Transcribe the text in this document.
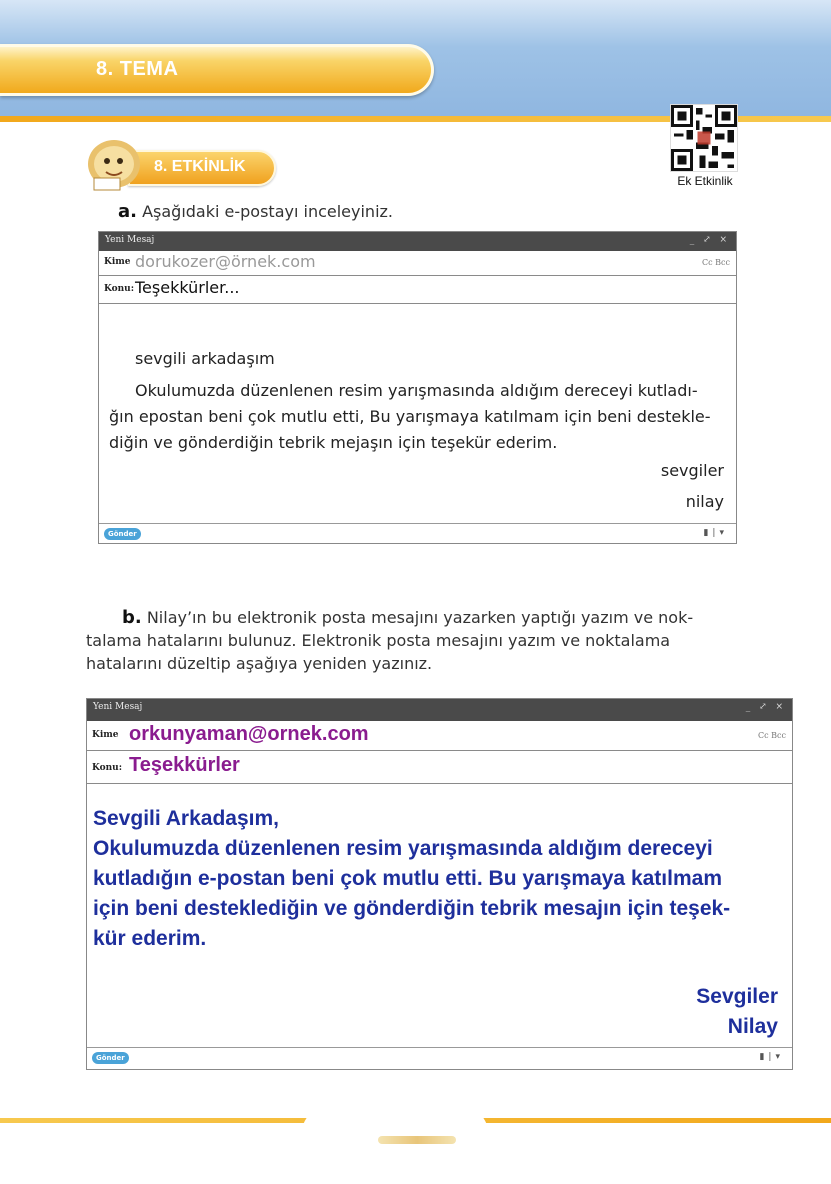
8. TEMA
Ek Etkinlik
8. ETKİNLİK
a. Aşağıdaki e-postayı inceleyiniz.
Yeni Mesaj	_ ⤢ ×
Kime dorukozer@örnek.com	Cc Bcc
Konu: Teşekkürler...
sevgili arkadaşım
Okulumuzda düzenlenen resim yarışmasında aldığım dereceyi kutladı-
ğın epostan beni çok mutlu etti, Bu yarışmaya katılmam için beni destekle-
diğin ve gönderdiğin tebrik mejaşın için teşekür ederim.
sevgiler
nilay
Gönder	▮|▾
b. Nilay’ın bu elektronik posta mesajını yazarken yaptığı yazım ve nok-
talama hatalarını bulunuz. Elektronik posta mesajını yazım ve noktalama
hatalarını düzeltip aşağıya yeniden yazınız.
Yeni Mesaj	_ ⤢ ×
Kime orkunyaman@ornek.com	Cc Bcc
Konu: Teşekkürler
Sevgili Arkadaşım,
Okulumuzda düzenlenen resim yarışmasında aldığım dereceyi
kutladığın e-postan beni çok mutlu etti. Bu yarışmaya katılmam
için beni desteklediğin ve gönderdiğin tebrik mesajın için teşek-
kür ederim.
Sevgiler
Nilay
Gönder	▮|▾
